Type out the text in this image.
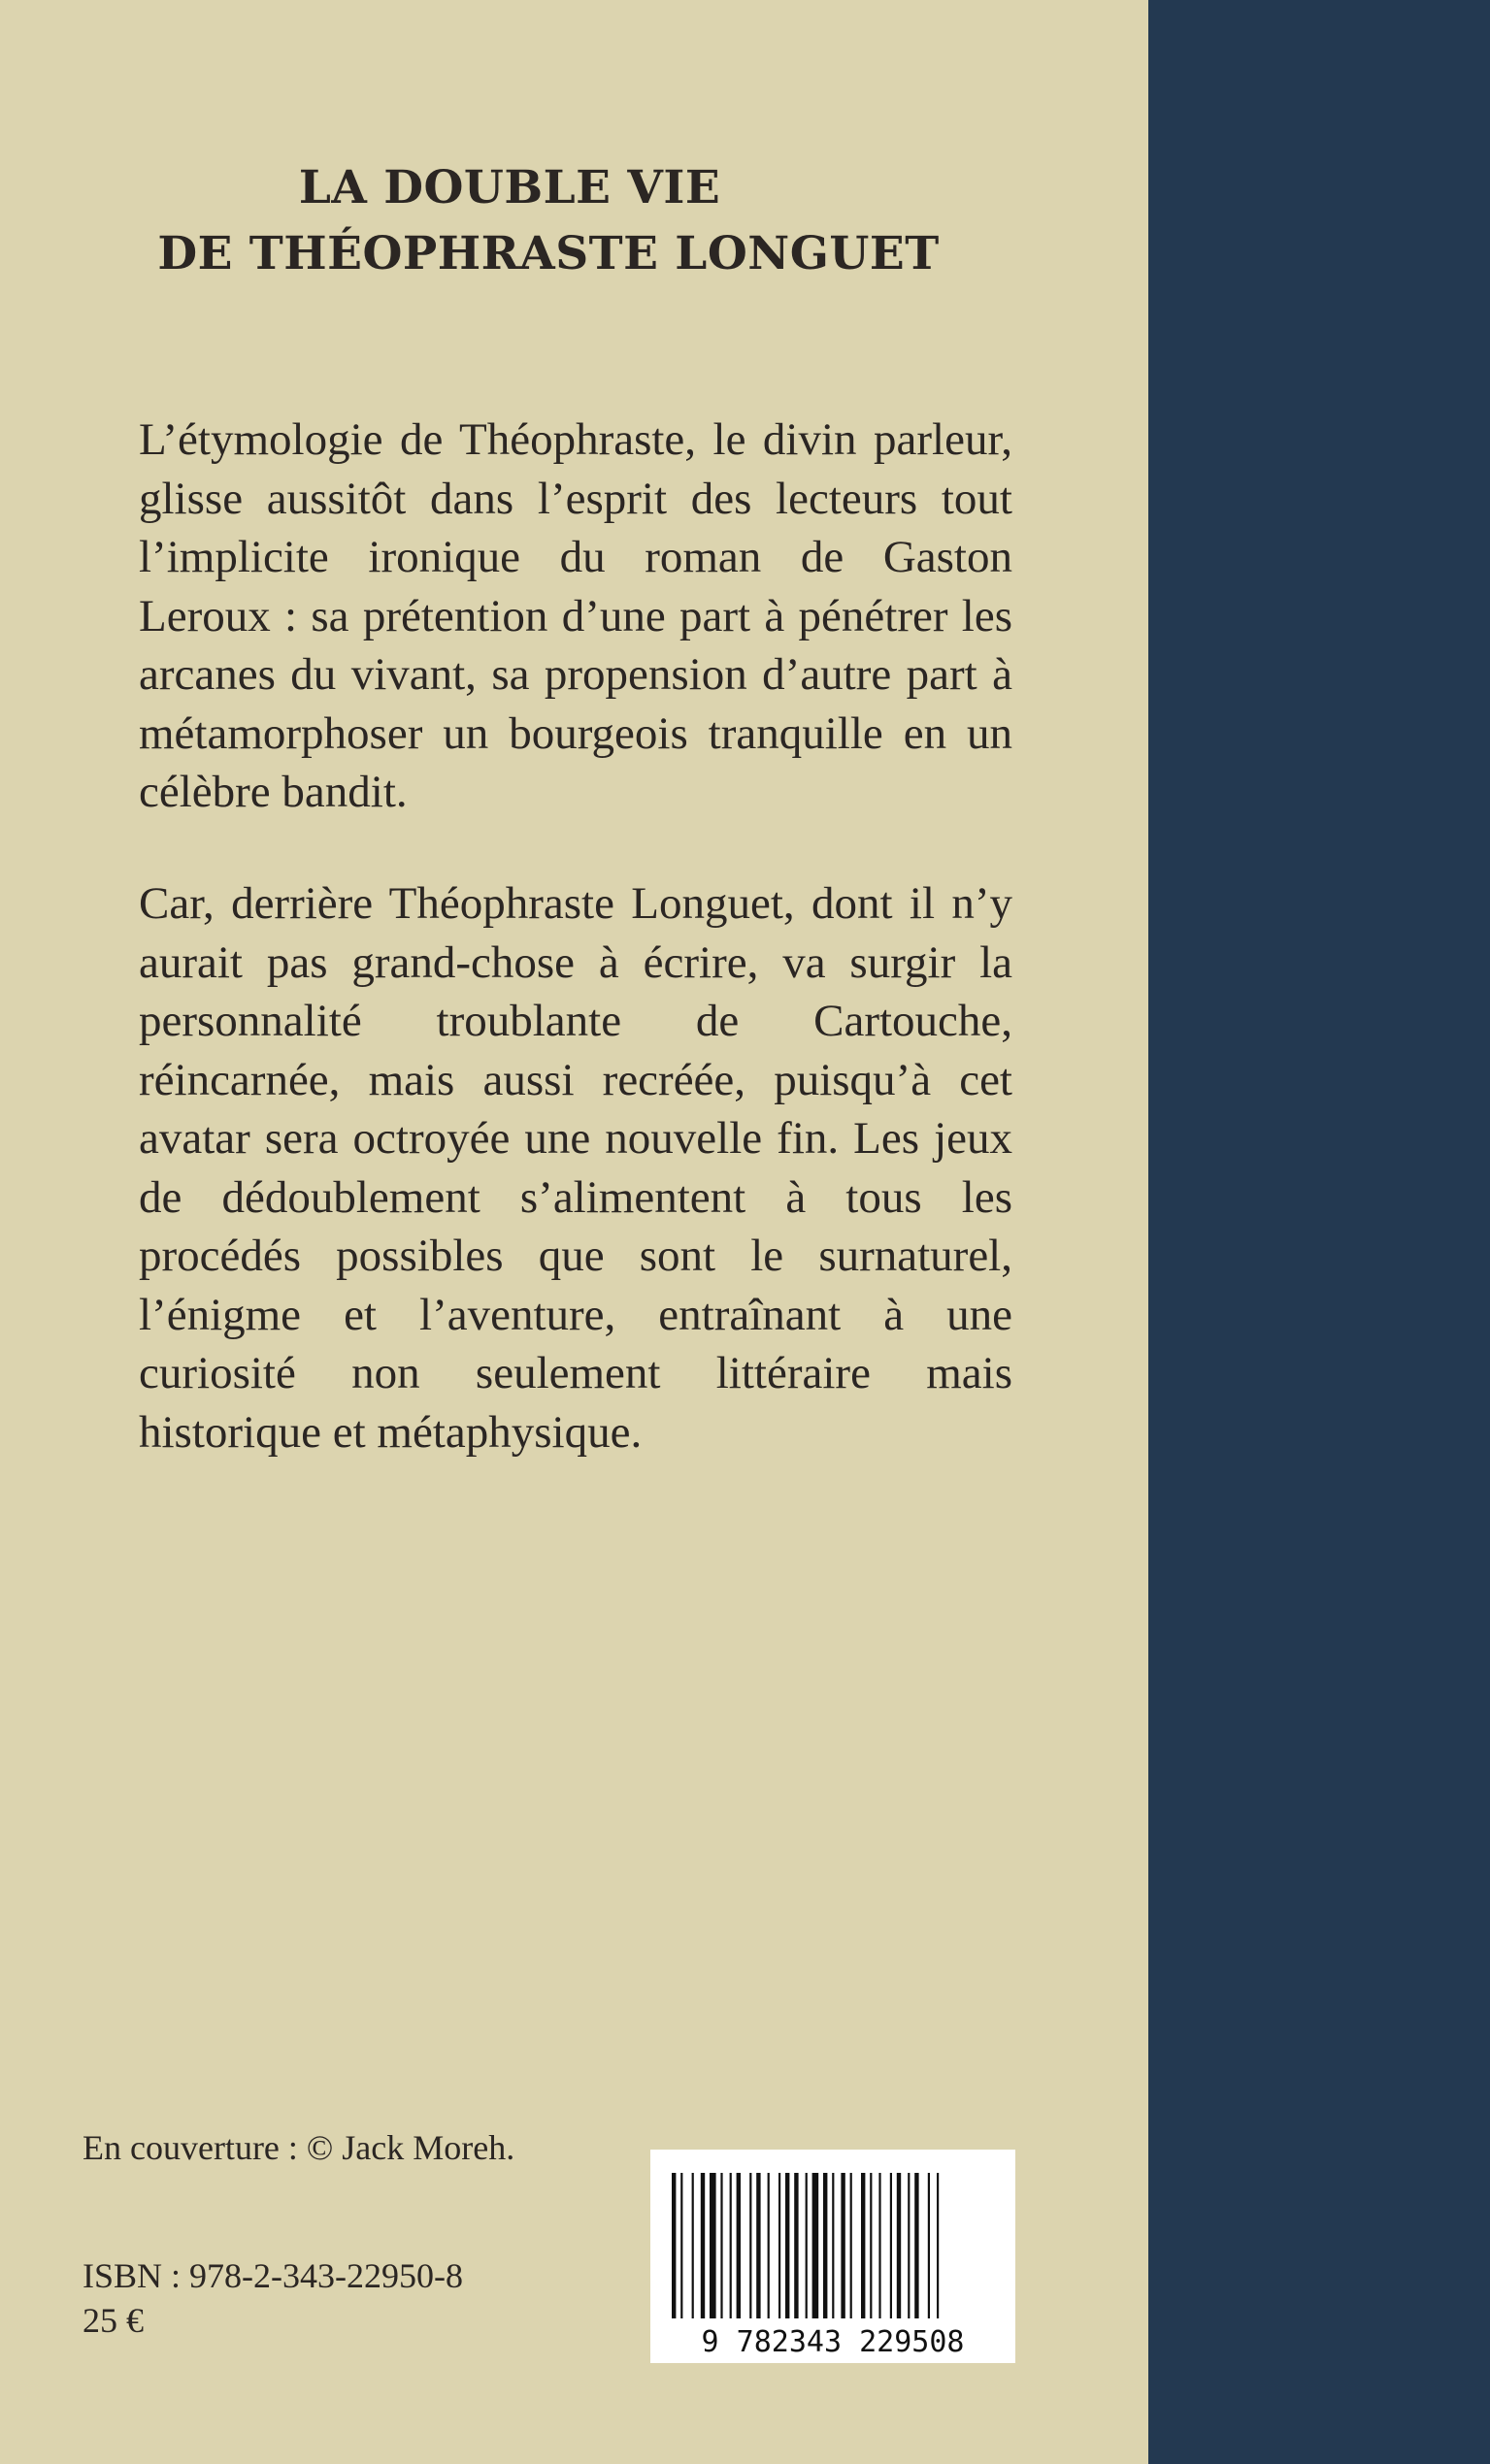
LA DOUBLE VIE
DE THÉOPHRASTE LONGUET

L’étymologie de Théophraste, le divin parleur, glisse aussitôt dans l’esprit des lecteurs tout l’implicite ironique du roman de Gaston Leroux : sa prétention d’une part à pénétrer les arcanes du vivant, sa propension d’autre part à métamorphoser un bourgeois tranquille en un célèbre bandit.

Car, derrière Théophraste Longuet, dont il n’y aurait pas grand-chose à écrire, va surgir la personnalité troublante de Cartouche, réincarnée, mais aussi recréée, puisqu’à cet avatar sera octroyée une nouvelle fin. Les jeux de dédoublement s’alimentent à tous les procédés possibles que sont le surnaturel, l’énigme et l’aventure, entraînant à une curiosité non seulement littéraire mais historique et métaphysique.

En couverture : © Jack Moreh.
ISBN : 978-2-343-22950-8
25 €
9 782343 229508
